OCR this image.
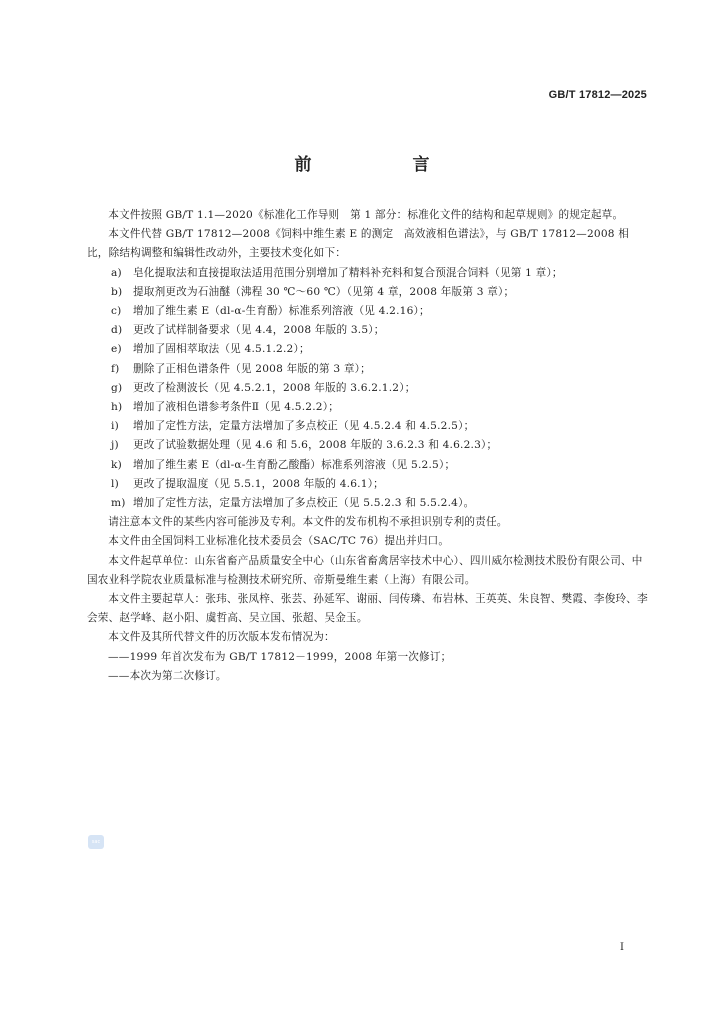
GB/T 17812—2025
前　言

本文件按照 GB/T 1.1—2020《标准化工作导则　第 1 部分：标准化文件的结构和起草规则》的规定起草。

本文件代替 GB/T 17812—2008《饲料中维生素 E 的测定　高效液相色谱法》，与 GB/T 17812—2008 相比，除结构调整和编辑性改动外，主要技术变化如下：

a)	皂化提取法和直接提取法适用范围分别增加了精料补充料和复合预混合饲料（见第 1 章）；
b)	提取剂更改为石油醚（沸程 30 ℃～60 ℃）（见第 4 章，2008 年版第 3 章）；
c)	增加了维生素 E（dl-α-生育酚）标准系列溶液（见 4.2.16）；
d)	更改了试样制备要求（见 4.4，2008 年版的 3.5）；
e)	增加了固相萃取法（见 4.5.1.2.2）；
f)	删除了正相色谱条件（见 2008 年版的第 3 章）；
g)	更改了检测波长（见 4.5.2.1，2008 年版的 3.6.2.1.2）；
h)	增加了液相色谱参考条件Ⅱ（见 4.5.2.2）；
i)	增加了定性方法，定量方法增加了多点校正（见 4.5.2.4 和 4.5.2.5）；
j)	更改了试验数据处理（见 4.6 和 5.6，2008 年版的 3.6.2.3 和 4.6.2.3）；
k)	增加了维生素 E（dl-α-生育酚乙酸酯）标准系列溶液（见 5.2.5）；
l)	更改了提取温度（见 5.5.1，2008 年版的 4.6.1）；
m) 增加了定性方法，定量方法增加了多点校正（见 5.5.2.3 和 5.5.2.4）。

请注意本文件的某些内容可能涉及专利。本文件的发布机构不承担识别专利的责任。

本文件由全国饲料工业标准化技术委员会（SAC/TC 76）提出并归口。

本文件起草单位：山东省畜产品质量安全中心（山东省畜禽居宰技术中心）、四川威尔检测技术股份有限公司、中国农业科学院农业质量标准与检测技术研究所、帝斯曼维生素（上海）有限公司。

本文件主要起草人：张玮、张凤梓、张芸、孙延军、谢丽、闫传璘、布岩林、王英英、朱良智、樊霞、李俊玲、李会荣、赵学峰、赵小阳、虞哲高、吴立国、张超、吴金玉。

本文件及其所代替文件的历次版本发布情况为：

——1999 年首次发布为 GB/T 17812－1999，2008 年第一次修订；

——本次为第二次修订。

sac
I
